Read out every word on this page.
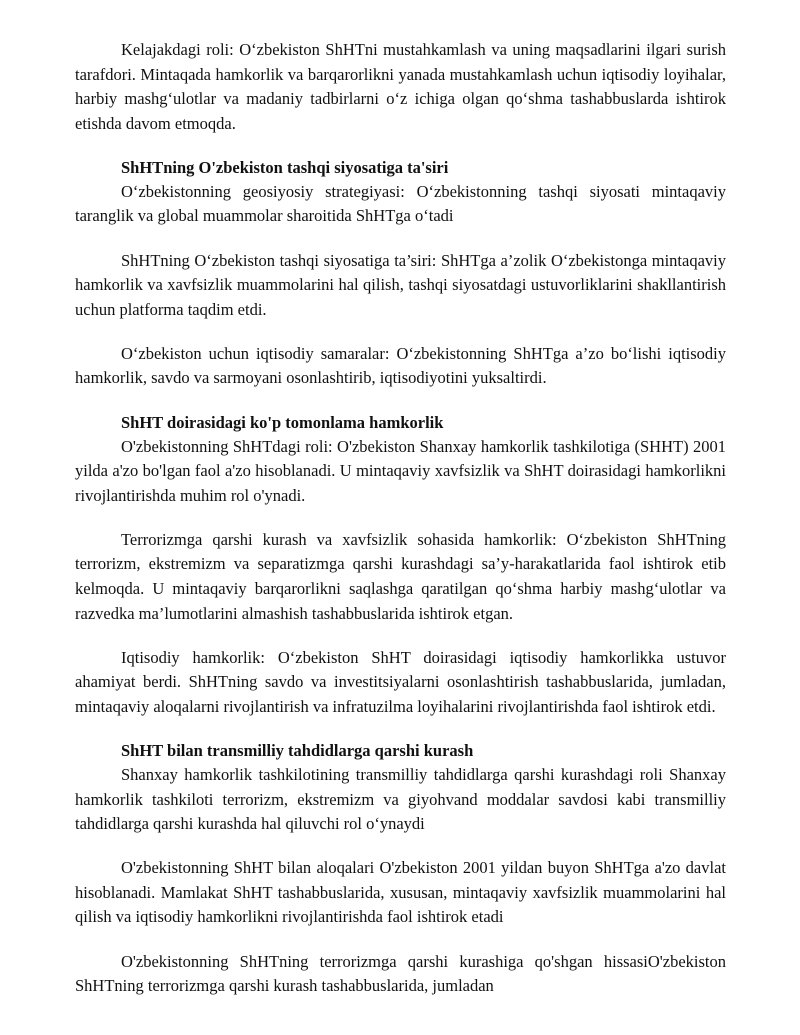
Kelajakdagi roli: O‘zbekiston ShHTni mustahkamlash va uning maqsadlarini ilgari surish tarafdori. Mintaqada hamkorlik va barqarorlikni yanada mustahkamlash uchun iqtisodiy loyihalar, harbiy mashg‘ulotlar va madaniy tadbirlarni o‘z ichiga olgan qo‘shma tashabbuslarda ishtirok etishda davom etmoqda.

ShHTning O'zbekiston tashqi siyosatiga ta'siri

O‘zbekistonning geosiyosiy strategiyasi: O‘zbekistonning tashqi siyosati mintaqaviy taranglik va global muammolar sharoitida ShHTga o‘tadi

ShHTning O‘zbekiston tashqi siyosatiga ta’siri: ShHTga a’zolik O‘zbekistonga mintaqaviy hamkorlik va xavfsizlik muammolarini hal qilish, tashqi siyosatdagi ustuvorliklarini shakllantirish uchun platforma taqdim etdi.

O‘zbekiston uchun iqtisodiy samaralar: O‘zbekistonning ShHTga a’zo bo‘lishi iqtisodiy hamkorlik, savdo va sarmoyani osonlashtirib, iqtisodiyotini yuksaltirdi.

ShHT doirasidagi ko'p tomonlama hamkorlik

O'zbekistonning ShHTdagi roli: O'zbekiston Shanxay hamkorlik tashkilotiga (SHHT) 2001 yilda a'zo bo'lgan faol a'zo hisoblanadi. U mintaqaviy xavfsizlik va ShHT doirasidagi hamkorlikni rivojlantirishda muhim rol o'ynadi.

Terrorizmga qarshi kurash va xavfsizlik sohasida hamkorlik: O‘zbekiston ShHTning terrorizm, ekstremizm va separatizmga qarshi kurashdagi sa’y-harakatlarida faol ishtirok etib kelmoqda. U mintaqaviy barqarorlikni saqlashga qaratilgan qo‘shma harbiy mashg‘ulotlar va razvedka ma’lumotlarini almashish tashabbuslarida ishtirok etgan.

Iqtisodiy hamkorlik: O‘zbekiston ShHT doirasidagi iqtisodiy hamkorlikka ustuvor ahamiyat berdi. ShHTning savdo va investitsiyalarni osonlashtirish tashabbuslarida, jumladan, mintaqaviy aloqalarni rivojlantirish va infratuzilma loyihalarini rivojlantirishda faol ishtirok etdi.

ShHT bilan transmilliy tahdidlarga qarshi kurash

Shanxay hamkorlik tashkilotining transmilliy tahdidlarga qarshi kurashdagi roli Shanxay hamkorlik tashkiloti terrorizm, ekstremizm va giyohvand moddalar savdosi kabi transmilliy tahdidlarga qarshi kurashda hal qiluvchi rol o‘ynaydi

O'zbekistonning ShHT bilan aloqalari O'zbekiston 2001 yildan buyon ShHTga a'zo davlat hisoblanadi. Mamlakat ShHT tashabbuslarida, xususan, mintaqaviy xavfsizlik muammolarini hal qilish va iqtisodiy hamkorlikni rivojlantirishda faol ishtirok etadi

O'zbekistonning ShHTning terrorizmga qarshi kurashiga qo'shgan hissasiO'zbekiston ShHTning terrorizmga qarshi kurash tashabbuslarida, jumladan
